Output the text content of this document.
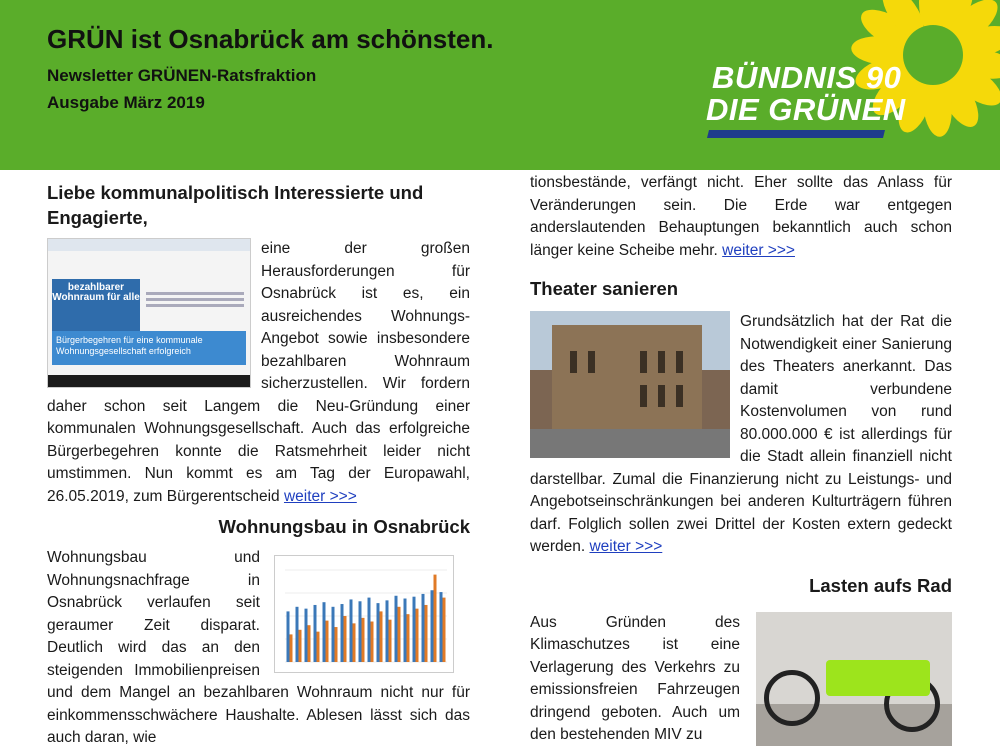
GRÜN ist Osnabrück am schönsten.
Newsletter GRÜNEN-Ratsfraktion
Ausgabe März 2019
BÜNDNIS 90
DIE GRÜNEN

Liebe kommunalpolitisch Interessierte und Engagierte,

bezahlbarer Wohnraum für alle
Bürgerbegehren für eine kommunale Wohnungsgesellschaft erfolgreich

eine der großen Herausforderungen für Osnabrück ist es, ein ausreichendes Wohnungs-Angebot sowie insbesondere bezahlbaren Wohnraum sicherzustellen. Wir fordern daher schon seit Langem die Neu-Gründung einer kommunalen Wohnungsgesellschaft. Auch das erfolgreiche Bürgerbegehren konnte die Ratsmehrheit leider nicht umstimmen. Nun kommt es am Tag der Europawahl, 26.05.2019, zum Bürgerentscheid weiter >>>

Wohnungsbau in Osnabrück

Wohnungsbau und Wohnungsnachfrage in Osnabrück verlaufen seit geraumer Zeit disparat. Deutlich wird das an den steigenden Immobilienpreisen und dem Mangel an bezahlbaren Wohnraum nicht nur für einkommensschwächere Haushalte. Ablesen lässt sich das auch daran, wie

tionsbestände, verfängt nicht. Eher sollte das Anlass für Veränderungen sein. Die Erde war entgegen anderslautenden Behauptungen bekanntlich auch schon länger keine Scheibe mehr. weiter >>>

Theater sanieren

Grundsätzlich hat der Rat die Notwendigkeit einer Sanierung des Theaters anerkannt. Das damit verbundene Kostenvolumen von rund 80.000.000 € ist allerdings für die Stadt allein finanziell nicht darstellbar. Zumal die Finanzierung nicht zu Leistungs- und Angebotseinschränkungen bei anderen Kulturträgern führen darf. Folglich sollen zwei Drittel der Kosten extern gedeckt werden. weiter >>>

Lasten aufs Rad

Aus Gründen des Klimaschutzes ist eine Verlagerung des Verkehrs zu emissionsfreien Fahrzeugen dringend geboten. Auch um den bestehenden MIV zu
